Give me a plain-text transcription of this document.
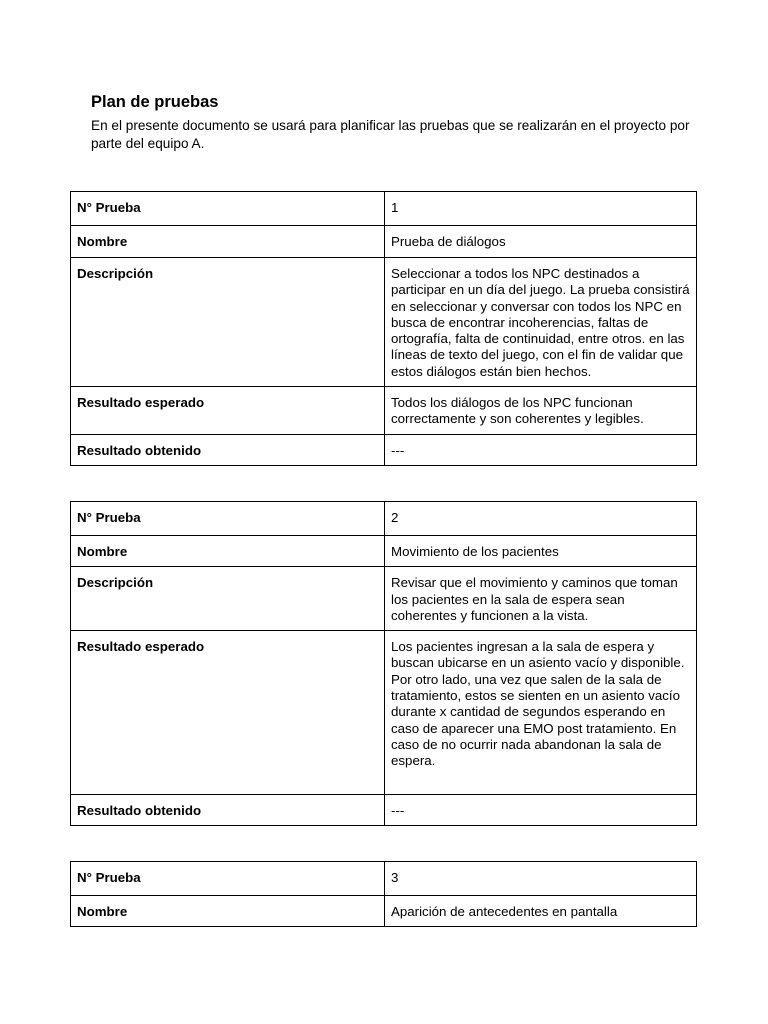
Plan de pruebas

En el presente documento se usará para planificar las pruebas que se realizarán en el proyecto por parte del equipo A.

N° Prueba	1
Nombre	Prueba de diálogos
Descripción	Seleccionar a todos los NPC destinados a participar en un día del juego. La prueba consistirá en seleccionar y conversar con todos los NPC en busca de encontrar incoherencias, faltas de ortografía, falta de continuidad, entre otros. en las líneas de texto del juego, con el fin de validar que estos diálogos están bien hechos.
Resultado esperado	Todos los diálogos de los NPC funcionan correctamente y son coherentes y legibles.
Resultado obtenido	---
N° Prueba	2
Nombre	Movimiento de los pacientes
Descripción	Revisar que el movimiento y caminos que toman los pacientes en la sala de espera sean coherentes y funcionen a la vista.
Resultado esperado	Los pacientes ingresan a la sala de espera y buscan ubicarse en un asiento vacío y disponible.
Por otro lado, una vez que salen de la sala de tratamiento, estos se sienten en un asiento vacío durante x cantidad de segundos esperando en caso de aparecer una EMO post tratamiento. En caso de no ocurrir nada abandonan la sala de espera.
Resultado obtenido	---
N° Prueba	3
Nombre	Aparición de antecedentes en pantalla
